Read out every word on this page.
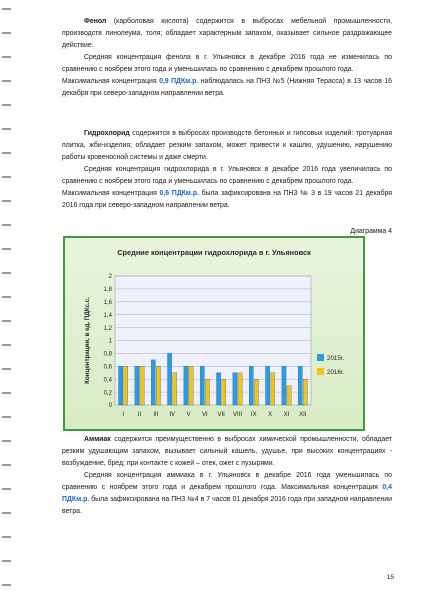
Фенол (карболовая кислота) содержится в выбросах мебельной промышленности, производств линолеума, толя; обладает характерным запахом, оказывает сильное раздражающее действие.

Средняя концентрация фенола в г. Ульяновск в декабре 2016 года не изменилась по сравнению с ноябрем этого года и уменьшилась по сравнению с декабрем прошлого года.

Максимальная концентрация 0,9 ПДКм.р. наблюдалась на ПНЗ №5 (Нижняя Терасса) в 13 часов 16 декабря при северо-западном направлении ветра.

Гидрохлорид содержится в выбросах производств бетонных и гипсовых изделий: тротуарная плитка, жби-изделия; обладает резким запахом, может привести к кашлю, удушению, нарушению работы кровеносной системы и даже смерти.

Средняя концентрация гидрохлорида в г. Ульяновск в декабре 2016 года увеличилась по сравнению с ноябрем этого года и уменьшилась по сравнению с декабрем прошлого года.

Максимальная концентрация 0,6 ПДКм.р. была зафиксирована на ПНЗ № 3 в 19 часов 21 декабря 2016 года при северо-западном направлении ветра.

Диаграмма 4
Средние концентрации гидрохлорида в г. Ульяновск
0
0,2
0,4
0,6
0,8
1
1,2
1,4
1,6
1,8
2
I II III IV V VI VII VIII IX X XI XII
Концентрации, в ед. ПДКс.с.	2015г.
2016г.

Аммиак содержится преимущественно в выбросах химической промышленности, обладает резким удушающим запахом, вызывает сильный кашель, удушье, при высоких концентрациях - возбуждение, бред; при контакте с кожей – отек, ожег с пузырями.

Средняя концентрация аммиака в г. Ульяновск в декабре 2016 года уменьшилась по сравнению с ноябрем этого года и декабрем прошлого года. Максимальная концентрация 0,4 ПДКм.р. была зафиксирована на ПНЗ №4 в 7 часов 01 декабря 2016 года при западном направлении ветра.

15
